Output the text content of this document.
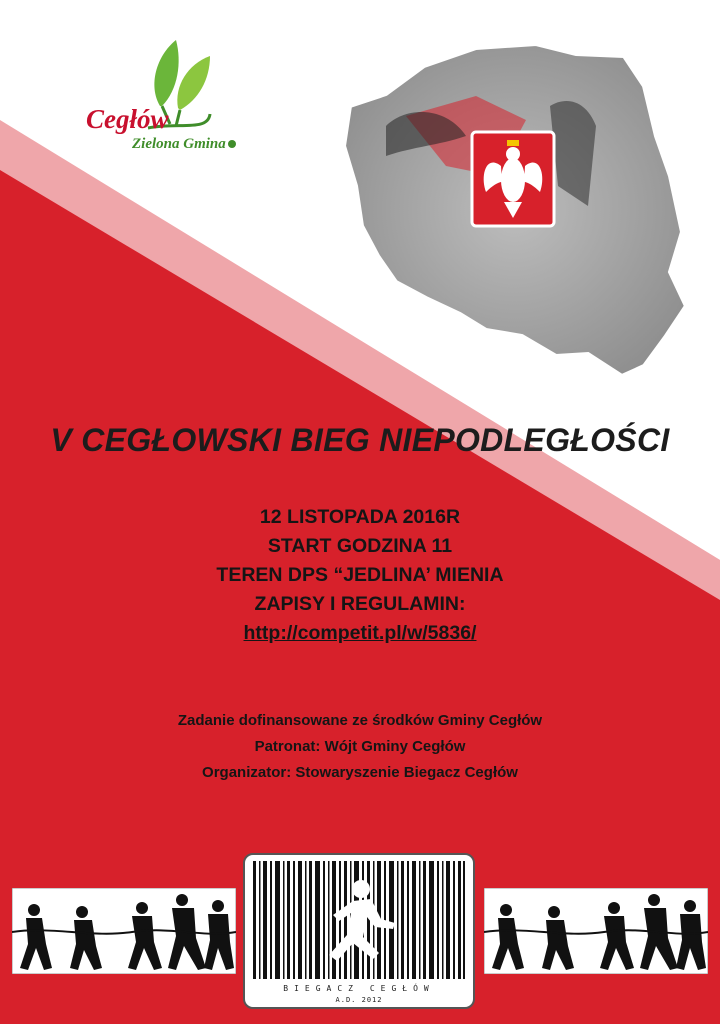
Cegłów
Zielona Gmina
V CEGŁOWSKI BIEG NIEPODLEGŁOŚCI
12 LISTOPADA 2016R
START GODZINA 11
TEREN DPS “JEDLINA’ MIENIA
ZAPISY I REGULAMIN:
http://competit.pl/w/5836/
Zadanie dofinansowane ze środków Gminy Cegłów
Patronat: Wójt Gminy Cegłów
Organizator: Stowaryszenie Biegacz Cegłów
BIEGACZ CEGŁÓW
A.D. 2012
